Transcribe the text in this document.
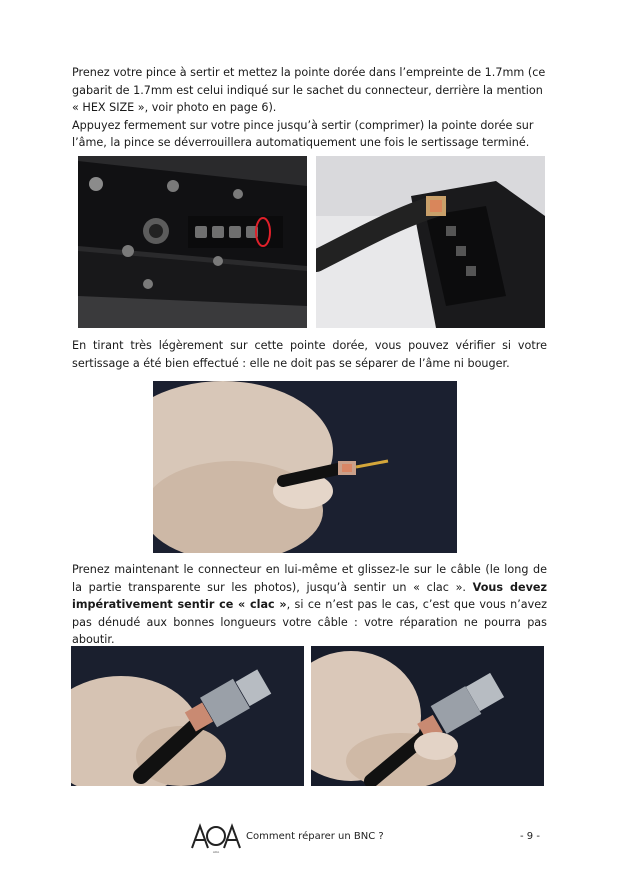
Prenez votre pince à sertir et mettez la pointe dorée dans l’empreinte de 1.7mm (ce gabarit de 1.7mm est celui indiqué sur le sachet du connecteur, derrière la mention « HEX SIZE », voir photo en page 6).
Appuyez fermement sur votre pince jusqu’à sertir (comprimer) la pointe dorée sur l’âme, la pince se déverrouillera automatiquement une fois le sertissage terminé.

En tirant très légèrement sur cette pointe dorée, vous pouvez vérifier si votre sertissage a été bien effectué : elle ne doit pas se séparer de l’âme ni bouger.

Prenez maintenant le connecteur en lui-même et glissez-le sur le câble (le long de la partie transparente sur les photos), jusqu’à sentir un « clac ». Vous devez impérativement sentir ce « clac », si ce n’est pas le cas, c’est que vous n’avez pas dénudé aux bonnes longueurs votre câble : votre réparation ne pourra pas aboutir.

AOA
Comment réparer un BNC ?	- 9 -
